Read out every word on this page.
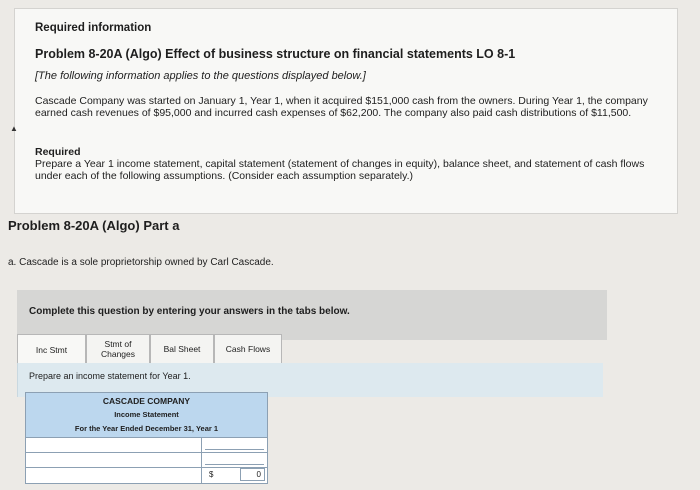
Required information
Problem 8-20A (Algo) Effect of business structure on financial statements LO 8-1
[The following information applies to the questions displayed below.]
Cascade Company was started on January 1, Year 1, when it acquired $151,000 cash from the owners. During Year 1, the company earned cash revenues of $95,000 and incurred cash expenses of $62,200. The company also paid cash distributions of $11,500.
Required
Prepare a Year 1 income statement, capital statement (statement of changes in equity), balance sheet, and statement of cash flows under each of the following assumptions. (Consider each assumption separately.)
▲
Problem 8-20A (Algo) Part a
a. Cascade is a sole proprietorship owned by Carl Cascade.
Complete this question by entering your answers in the tabs below.
Inc Stmt
Stmt of Changes	Bal Sheet	Cash Flows
Prepare an income statement for Year 1.
CASCADE COMPANY
Income Statement
For the Year Ended December 31, Year 1
$	0
